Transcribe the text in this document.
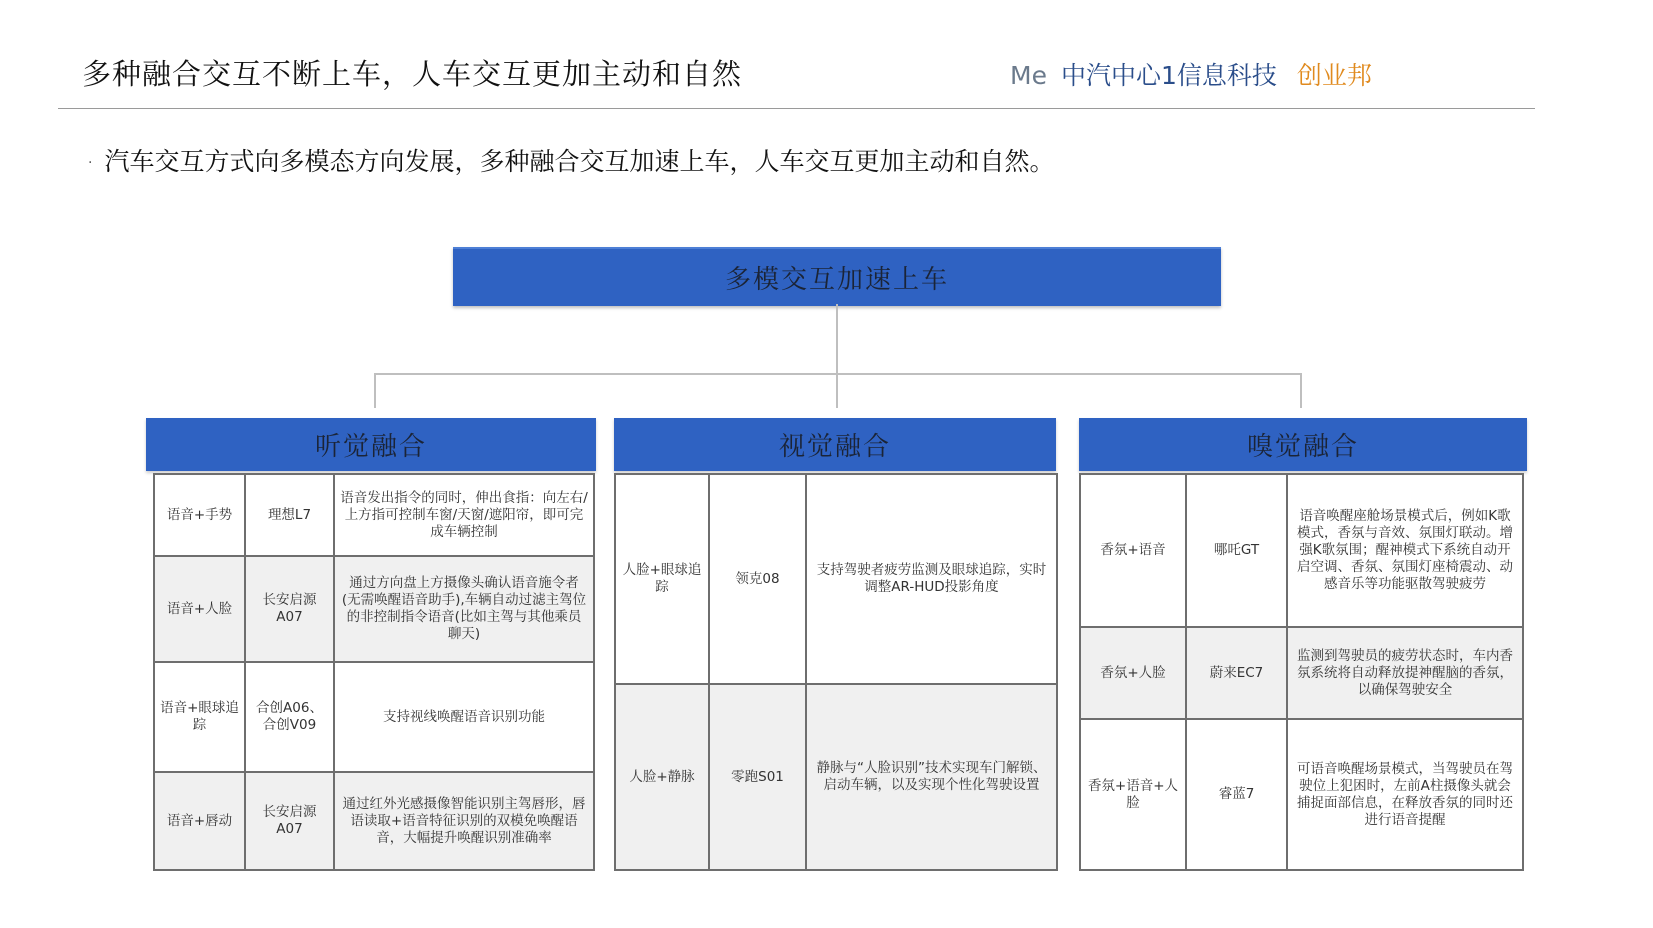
多种融合交互不断上车，人车交互更加主动和自然	Me 中汽中心1信息科技 创业邦
· 汽车交互方式向多模态方向发展，多种融合交互加速上车，人车交互更加主动和自然。
多模交互加速上车
听觉融合
语音+手势	理想L7	语音发出指令的同时，伸出食指：向左右/上方指可控制车窗/天窗/遮阳帘，即可完成车辆控制
语音+人脸	长安启源A07	通过方向盘上方摄像头确认语音施令者(无需唤醒语音助手),车辆自动过滤主驾位的非控制指令语音(比如主驾与其他乘员聊天)
语音+眼球追踪	合创A06、合创V09	支持视线唤醒语音识别功能
语音+唇动	长安启源A07	通过红外光感摄像智能识别主驾唇形，唇语读取+语音特征识别的双模免唤醒语音，大幅提升唤醒识别准确率
视觉融合
人脸+眼球追踪	领克08	支持驾驶者疲劳监测及眼球追踪，实时调整AR-HUD投影角度
人脸+静脉	零跑S01	静脉与“人脸识别”技术实现车门解锁、启动车辆，以及实现个性化驾驶设置
嗅觉融合
香氛+语音	哪吒GT	语音唤醒座舱场景模式后，例如K歌模式，香氛与音效、氛围灯联动。增强K歌氛围；醒神模式下系统自动开启空调、香氛、氛围灯座椅震动、动感音乐等功能驱散驾驶疲劳
香氛+人脸	蔚来EC7	监测到驾驶员的疲劳状态时，车内香氛系统将自动释放提神醒脑的香氛，以确保驾驶安全
香氛+语音+人脸	睿蓝7	可语音唤醒场景模式，当驾驶员在驾驶位上犯困时，左前A柱摄像头就会捕捉面部信息，在释放香氛的同时还进行语音提醒
